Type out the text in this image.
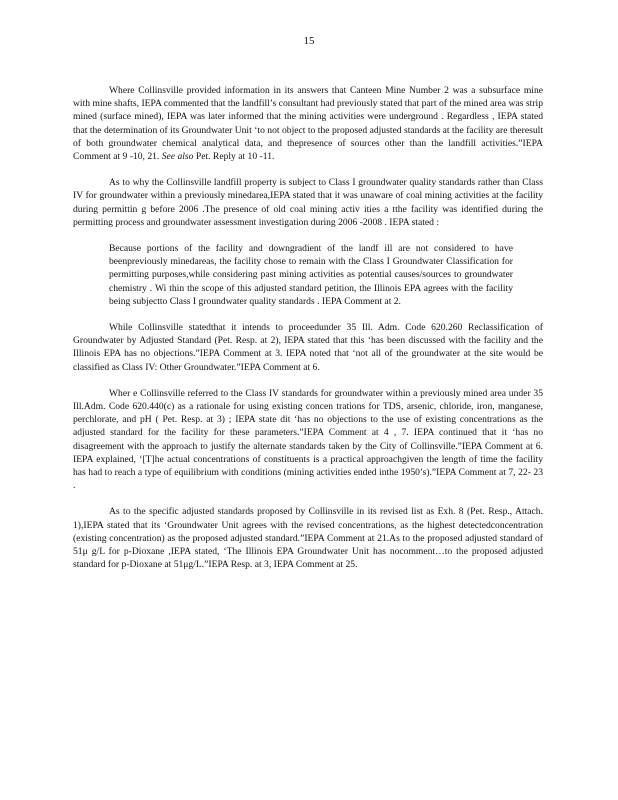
15

Where Collinsville provided information in its answers that Canteen Mine Number 2 was a subsurface mine with mine shafts, IEPA commented that the landfill’s consultant had previously stated that part of the mined area was strip mined (surface mined), IEPA was later informed that the mining activities were underground . Regardless , IEPA stated that the determination of its Groundwater Unit ‘to not object to the proposed adjusted standards at the facility are theresult of both groundwater chemical analytical data, and thepresence of sources other than the landfill activities.”IEPA Comment at 9 -10, 21. See also Pet. Reply at 10 -11.

As to why the Collinsville landfill property is subject to Class I groundwater quality standards rather than Class IV for groundwater within a previously minedarea,IEPA stated that it was unaware of coal mining activities at the facility during permittin g before 2006 .The presence of old coal mining activ ities a tthe facility was identified during the permitting process and groundwater assessment investigation during 2006 -2008 . IEPA stated :

Because portions of the facility and downgradient of the landf ill are not considered to have beenpreviously minedareas, the facility chose to remain with the Class I Groundwater Classification for permitting purposes,while considering past mining activities as potential causes/sources to groundwater chemistry . Wi thin the scope of this adjusted standard petition, the Illinois EPA agrees with the facility being subjectto Class I groundwater quality standards . IEPA Comment at 2.

While Collinsville statedthat it intends to proceedunder 35 Ill. Adm. Code 620.260 Reclassification of Groundwater by Adjusted Standard (Pet. Resp. at 2), IEPA stated that this ‘has been discussed with the facility and the Illinois EPA has no objections.”IEPA Comment at 3. IEPA noted that ‘not all of the groundwater at the site would be classified as Class IV: Other Groundwater.”IEPA Comment at 6.

Wher e Collinsville referred to the Class IV standards for groundwater within a previously mined area under 35 Ill.Adm. Code 620.440(c) as a rationale for using existing concen trations for TDS, arsenic, chloride, iron, manganese, perchlorate, and pH ( Pet. Resp. at 3) ; IEPA state dit ‘has no objections to the use of existing concentrations as the adjusted standard for the facility for these parameters.”IEPA Comment at 4 , 7. IEPA continued that it ‘has no disagreement with the approach to justify the alternate standards taken by the City of Collinsville.”IEPA Comment at 6. IEPA explained, ‘[T]he actual concentrations of constituents is a practical approachgiven the length of time the facility has had to reach a type of equilibrium with conditions (mining activities ended inthe 1950’s).”IEPA Comment at 7, 22- 23 .

As to the specific adjusted standards proposed by Collinsville in its revised list as Exh. 8 (Pet. Resp., Attach. 1),IEPA stated that its ‘Groundwater Unit agrees with the revised concentrations, as the highest detectedconcentration (existing concentration) as the proposed adjusted standard.”IEPA Comment at 21.As to the proposed adjusted standard of 51μ g/L for p-Dioxane ,IEPA stated, ‘The Illinois EPA Groundwater Unit has nocomment…to the proposed adjusted standard for p-Dioxane at 51μg/L.”IEPA Resp. at 3, IEPA Comment at 25.
